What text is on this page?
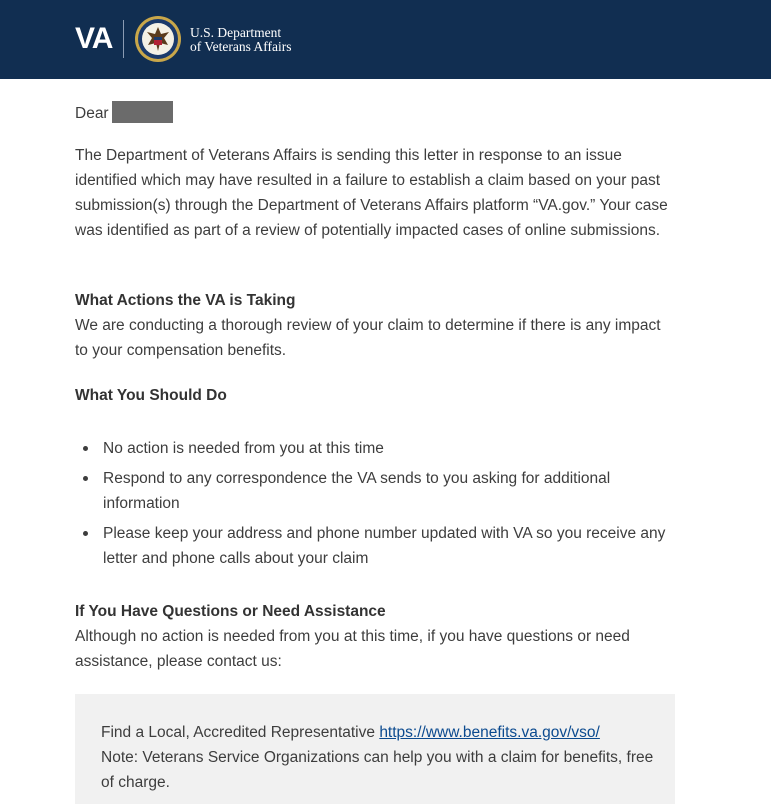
VA	U.S. Department
of Veterans Affairs
Dear

The Department of Veterans Affairs is sending this letter in response to an issue identified which may have resulted in a failure to establish a claim based on your past submission(s) through the Department of Veterans Affairs platform “VA.gov.” Your case was identified as part of a review of potentially impacted cases of online submissions.

What Actions the VA is Taking

We are conducting a thorough review of your claim to determine if there is any impact to your compensation benefits.

What You Should Do
No action is needed from you at this time
Respond to any correspondence the VA sends to you asking for additional information
Please keep your address and phone number updated with VA so you receive any letter and phone calls about your claim
If You Have Questions or Need Assistance

Although no action is needed from you at this time, if you have questions or need assistance, please contact us:

Find a Local, Accredited Representative https://www.benefits.va.gov/vso/
Note: Veterans Service Organizations can help you with a claim for benefits, free of charge.
